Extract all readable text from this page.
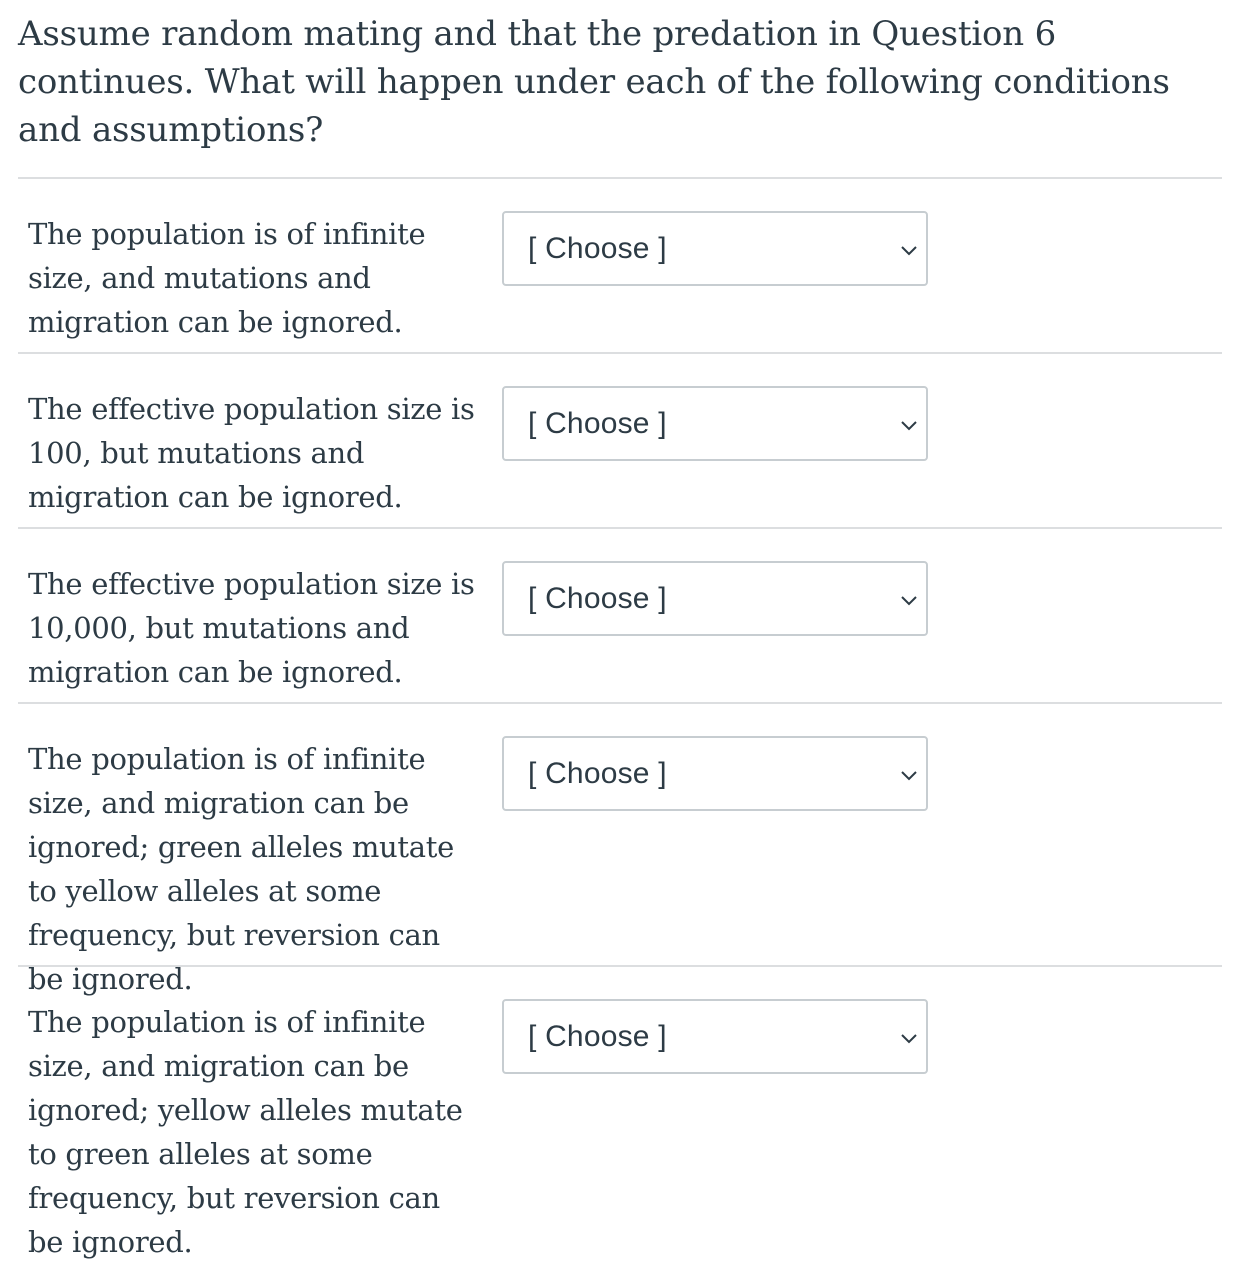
Assume random mating and that the predation in Question 6 continues. What will happen under each of the following conditions and assumptions?

The population is of infinite size, and mutations and migration can be ignored.
[ Choose ]
The effective population size is 100, but mutations and migration can be ignored.
[ Choose ]
The effective population size is 10,000, but mutations and migration can be ignored.
[ Choose ]
The population is of infinite size, and migration can be ignored; green alleles mutate to yellow alleles at some frequency, but reversion can be ignored.
[ Choose ]
The population is of infinite size, and migration can be ignored; yellow alleles mutate to green alleles at some frequency, but reversion can be ignored.
[ Choose ]
